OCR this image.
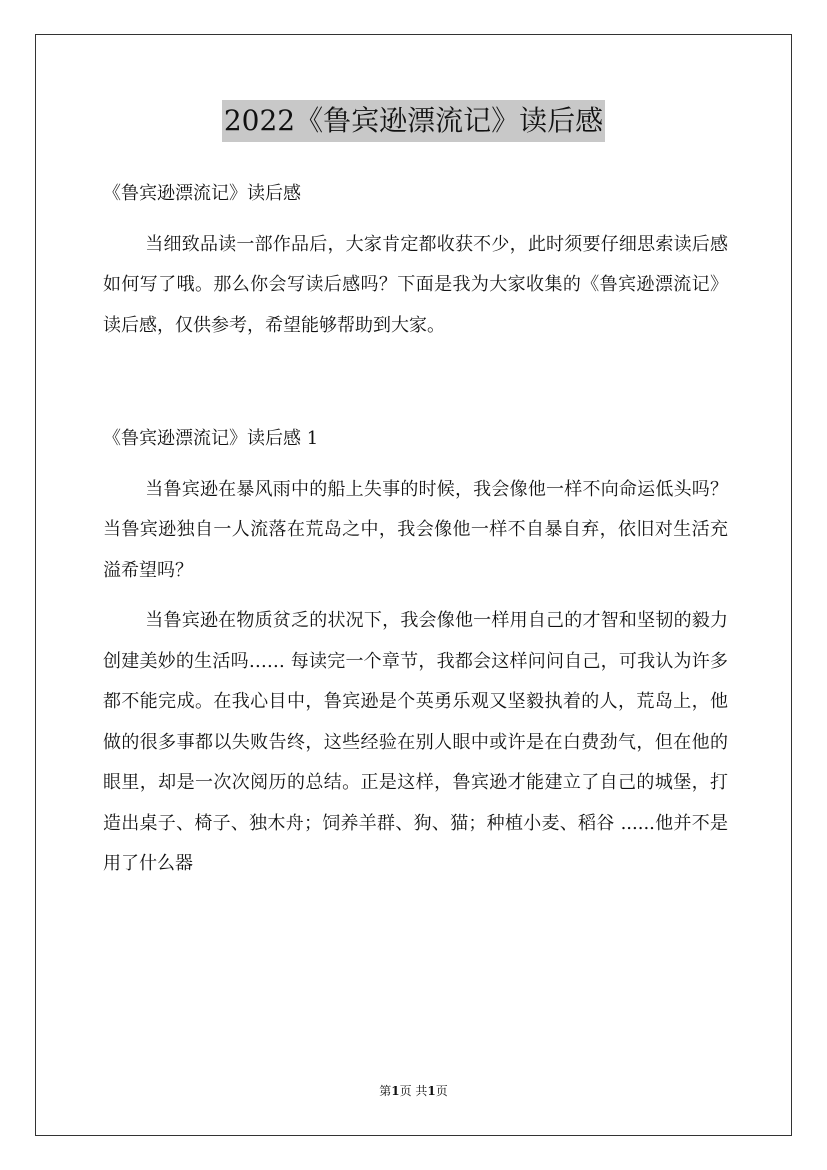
2022《鲁宾逊漂流记》读后感

《鲁宾逊漂流记》读后感

当细致品读一部作品后，大家肯定都收获不少，此时须要仔细思索读后感如何写了哦。那么你会写读后感吗？下面是我为大家收集的《鲁宾逊漂流记》读后感，仅供参考，希望能够帮助到大家。

《鲁宾逊漂流记》读后感 1

当鲁宾逊在暴风雨中的船上失事的时候，我会像他一样不向命运低头吗？当鲁宾逊独自一人流落在荒岛之中，我会像他一样不自暴自弃，依旧对生活充溢希望吗？

当鲁宾逊在物质贫乏的状况下，我会像他一样用自己的才智和坚韧的毅力创建美妙的生活吗…… 每读完一个章节，我都会这样问问自己，可我认为许多都不能完成。在我心目中，鲁宾逊是个英勇乐观又坚毅执着的人，荒岛上，他做的很多事都以失败告终，这些经验在别人眼中或许是在白费劲气，但在他的眼里，却是一次次阅历的总结。正是这样，鲁宾逊才能建立了自己的城堡，打造出桌子、椅子、独木舟；饲养羊群、狗、猫；种植小麦、稻谷 ......他并不是用了什么器

第1页 共1页
